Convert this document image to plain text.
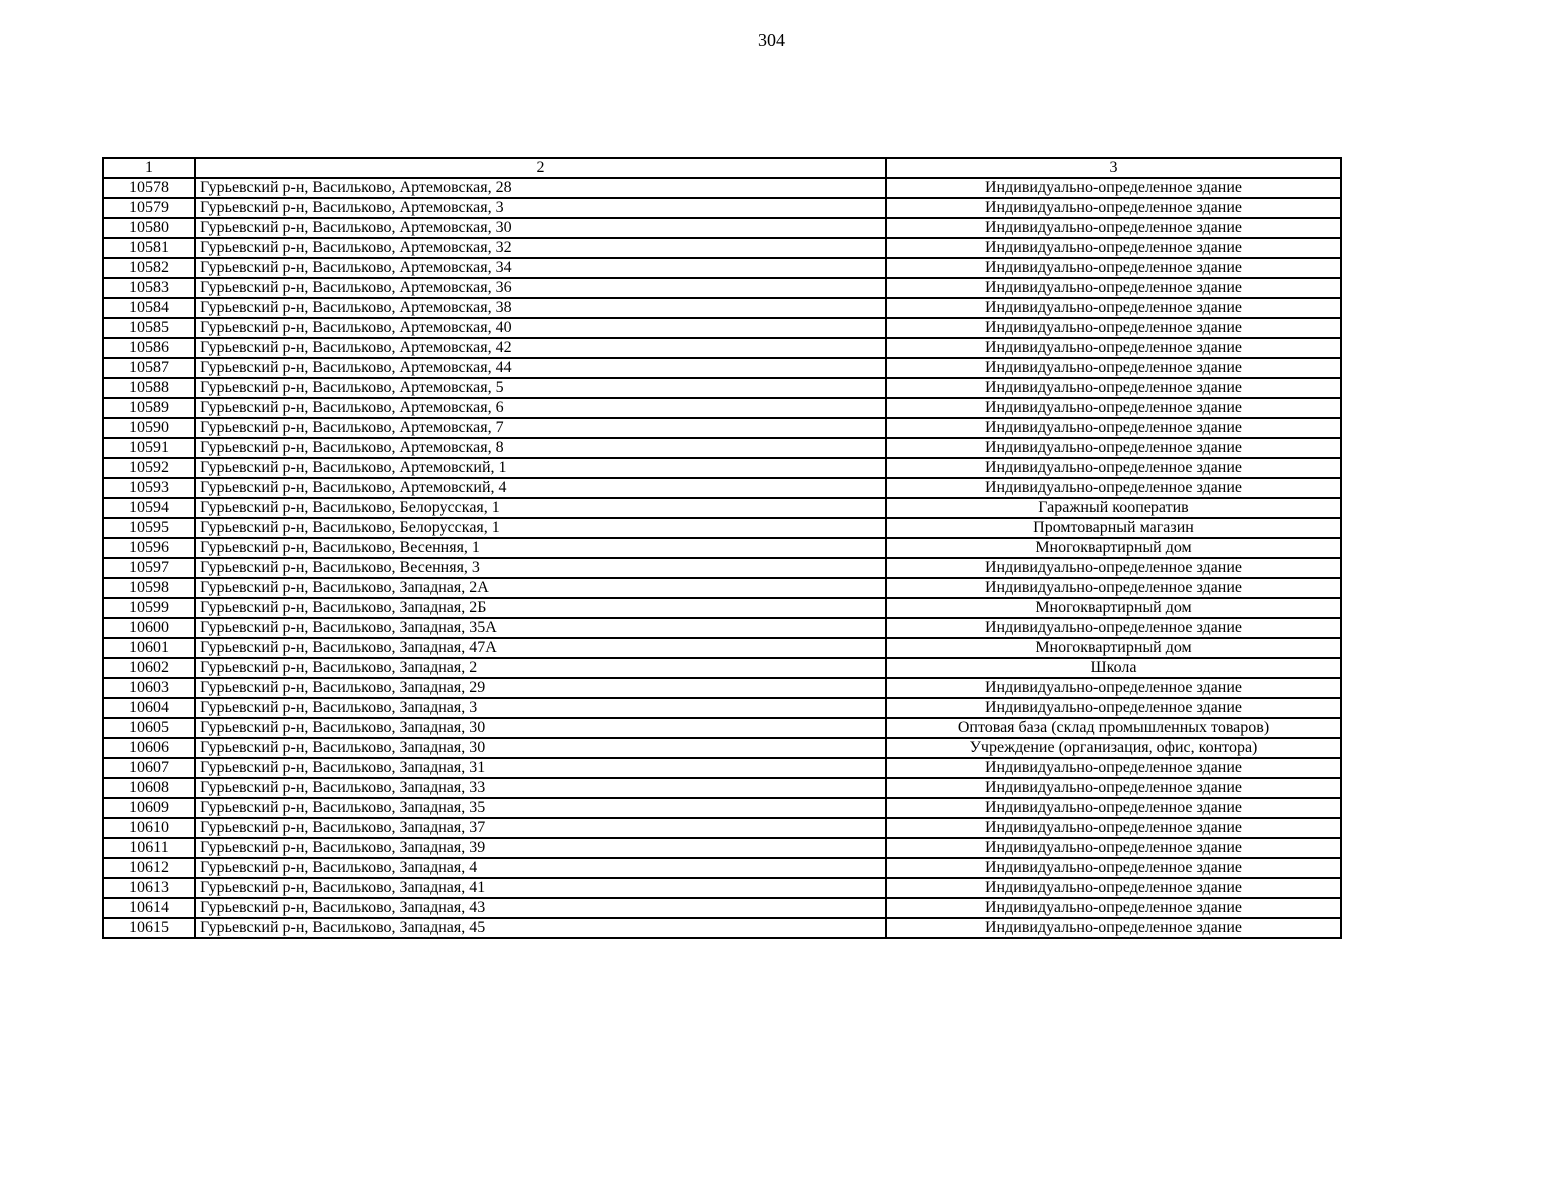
304
1	2	3
10578	Гурьевский р-н, Васильково, Артемовская, 28	Индивидуально-определенное здание
10579	Гурьевский р-н, Васильково, Артемовская, 3	Индивидуально-определенное здание
10580	Гурьевский р-н, Васильково, Артемовская, 30	Индивидуально-определенное здание
10581	Гурьевский р-н, Васильково, Артемовская, 32	Индивидуально-определенное здание
10582	Гурьевский р-н, Васильково, Артемовская, 34	Индивидуально-определенное здание
10583	Гурьевский р-н, Васильково, Артемовская, 36	Индивидуально-определенное здание
10584	Гурьевский р-н, Васильково, Артемовская, 38	Индивидуально-определенное здание
10585	Гурьевский р-н, Васильково, Артемовская, 40	Индивидуально-определенное здание
10586	Гурьевский р-н, Васильково, Артемовская, 42	Индивидуально-определенное здание
10587	Гурьевский р-н, Васильково, Артемовская, 44	Индивидуально-определенное здание
10588	Гурьевский р-н, Васильково, Артемовская, 5	Индивидуально-определенное здание
10589	Гурьевский р-н, Васильково, Артемовская, 6	Индивидуально-определенное здание
10590	Гурьевский р-н, Васильково, Артемовская, 7	Индивидуально-определенное здание
10591	Гурьевский р-н, Васильково, Артемовская, 8	Индивидуально-определенное здание
10592	Гурьевский р-н, Васильково, Артемовский, 1	Индивидуально-определенное здание
10593	Гурьевский р-н, Васильково, Артемовский, 4	Индивидуально-определенное здание
10594	Гурьевский р-н, Васильково, Белорусская, 1	Гаражный кооператив
10595	Гурьевский р-н, Васильково, Белорусская, 1	Промтоварный магазин
10596	Гурьевский р-н, Васильково, Весенняя, 1	Многоквартирный дом
10597	Гурьевский р-н, Васильково, Весенняя, 3	Индивидуально-определенное здание
10598	Гурьевский р-н, Васильково, Западная, 2А	Индивидуально-определенное здание
10599	Гурьевский р-н, Васильково, Западная, 2Б	Многоквартирный дом
10600	Гурьевский р-н, Васильково, Западная, 35А	Индивидуально-определенное здание
10601	Гурьевский р-н, Васильково, Западная, 47А	Многоквартирный дом
10602	Гурьевский р-н, Васильково, Западная, 2	Школа
10603	Гурьевский р-н, Васильково, Западная, 29	Индивидуально-определенное здание
10604	Гурьевский р-н, Васильково, Западная, 3	Индивидуально-определенное здание
10605	Гурьевский р-н, Васильково, Западная, 30	Оптовая база (склад промышленных товаров)
10606	Гурьевский р-н, Васильково, Западная, 30	Учреждение (организация, офис, контора)
10607	Гурьевский р-н, Васильково, Западная, 31	Индивидуально-определенное здание
10608	Гурьевский р-н, Васильково, Западная, 33	Индивидуально-определенное здание
10609	Гурьевский р-н, Васильково, Западная, 35	Индивидуально-определенное здание
10610	Гурьевский р-н, Васильково, Западная, 37	Индивидуально-определенное здание
10611	Гурьевский р-н, Васильково, Западная, 39	Индивидуально-определенное здание
10612	Гурьевский р-н, Васильково, Западная, 4	Индивидуально-определенное здание
10613	Гурьевский р-н, Васильково, Западная, 41	Индивидуально-определенное здание
10614	Гурьевский р-н, Васильково, Западная, 43	Индивидуально-определенное здание
10615	Гурьевский р-н, Васильково, Западная, 45	Индивидуально-определенное здание
